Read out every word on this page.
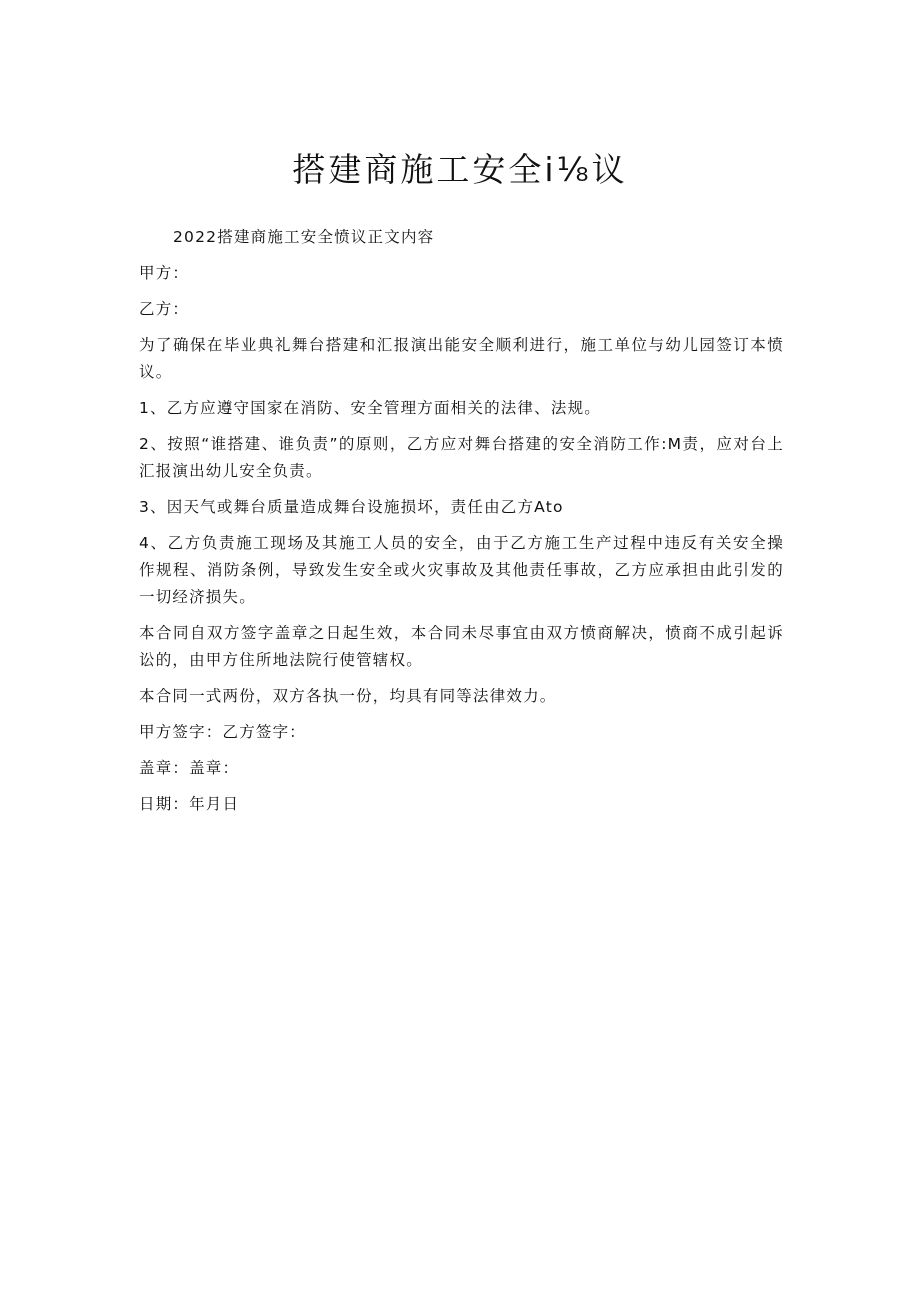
搭建商施工安全i⅛议

2022搭建商施工安全愤议正文内容

甲方：

乙方：

为了确保在毕业典礼舞台搭建和汇报演出能安全顺利进行，施工单位与幼儿园签订本愤议。

1、乙方应遵守国家在消防、安全管理方面相关的法律、法规。

2、按照“谁搭建、谁负责”的原则，乙方应对舞台搭建的安全消防工作:M责，应对台上汇报演出幼儿安全负责。

3、因天气或舞台质量造成舞台设施损坏，责任由乙方Ato

4、乙方负责施工现场及其施工人员的安全，由于乙方施工生产过程中违反有关安全操作规程、消防条例，导致发生安全或火灾事故及其他责任事故，乙方应承担由此引发的一切经济损失。

本合同自双方签字盖章之日起生效，本合同未尽事宜由双方愤商解决，愤商不成引起诉讼的，由甲方住所地法院行使管辖权。

本合同一式两份，双方各执一份，均具有同等法律效力。

甲方签字：乙方签字：

盖章：盖章：

日期：年月日
